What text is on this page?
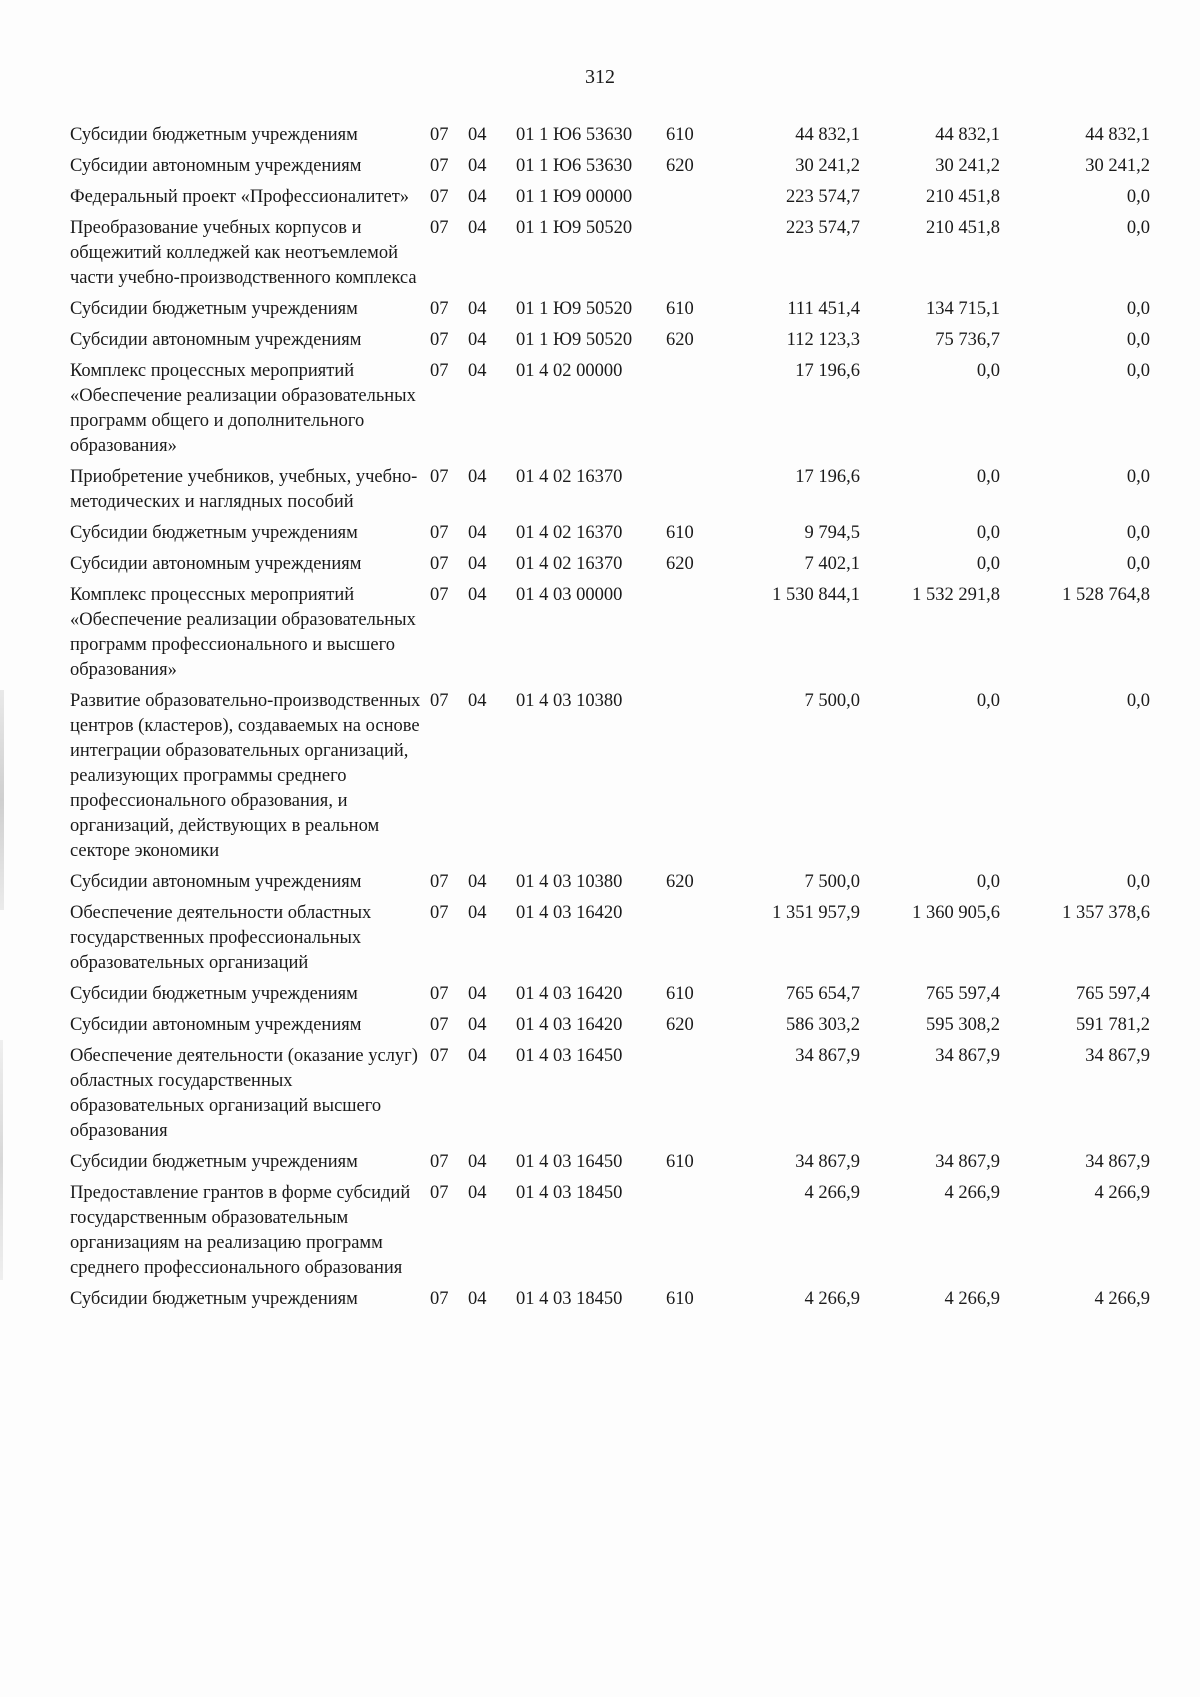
312
Субсидии бюджетным учреждениям	07	04	01 1 Ю6 53630	610	44 832,1	44 832,1	44 832,1
Субсидии автономным учреждениям	07	04	01 1 Ю6 53630	620	30 241,2	30 241,2	30 241,2
Федеральный проект «Профессионалитет»	07	04	01 1 Ю9 00000		223 574,7	210 451,8	0,0
Преобразование учебных корпусов и общежитий колледжей как неотъемлемой части учебно-производственного комплекса	07	04	01 1 Ю9 50520		223 574,7	210 451,8	0,0
Субсидии бюджетным учреждениям	07	04	01 1 Ю9 50520	610	111 451,4	134 715,1	0,0
Субсидии автономным учреждениям	07	04	01 1 Ю9 50520	620	112 123,3	75 736,7	0,0
Комплекс процессных мероприятий «Обеспечение реализации образовательных программ общего и дополнительного образования»	07	04	01 4 02 00000		17 196,6	0,0	0,0
Приобретение учебников, учебных, учебно-методических и наглядных пособий	07	04	01 4 02 16370		17 196,6	0,0	0,0
Субсидии бюджетным учреждениям	07	04	01 4 02 16370	610	9 794,5	0,0	0,0
Субсидии автономным учреждениям	07	04	01 4 02 16370	620	7 402,1	0,0	0,0
Комплекс процессных мероприятий «Обеспечение реализации образовательных программ профессионального и высшего образования»	07	04	01 4 03 00000		1 530 844,1	1 532 291,8	1 528 764,8
Развитие образовательно-производственных центров (кластеров), создаваемых на основе интеграции образовательных организаций, реализующих программы среднего профессионального образования, и организаций, действующих в реальном секторе экономики	07	04	01 4 03 10380		7 500,0	0,0	0,0
Субсидии автономным учреждениям	07	04	01 4 03 10380	620	7 500,0	0,0	0,0
Обеспечение деятельности областных государственных профессиональных образовательных организаций	07	04	01 4 03 16420		1 351 957,9	1 360 905,6	1 357 378,6
Субсидии бюджетным учреждениям	07	04	01 4 03 16420	610	765 654,7	765 597,4	765 597,4
Субсидии автономным учреждениям	07	04	01 4 03 16420	620	586 303,2	595 308,2	591 781,2
Обеспечение деятельности (оказание услуг) областных государственных образовательных организаций высшего образования	07	04	01 4 03 16450		34 867,9	34 867,9	34 867,9
Субсидии бюджетным учреждениям	07	04	01 4 03 16450	610	34 867,9	34 867,9	34 867,9
Предоставление грантов в форме субсидий государственным образовательным организациям на реализацию программ среднего профессионального образования	07	04	01 4 03 18450		4 266,9	4 266,9	4 266,9
Субсидии бюджетным учреждениям	07	04	01 4 03 18450	610	4 266,9	4 266,9	4 266,9
